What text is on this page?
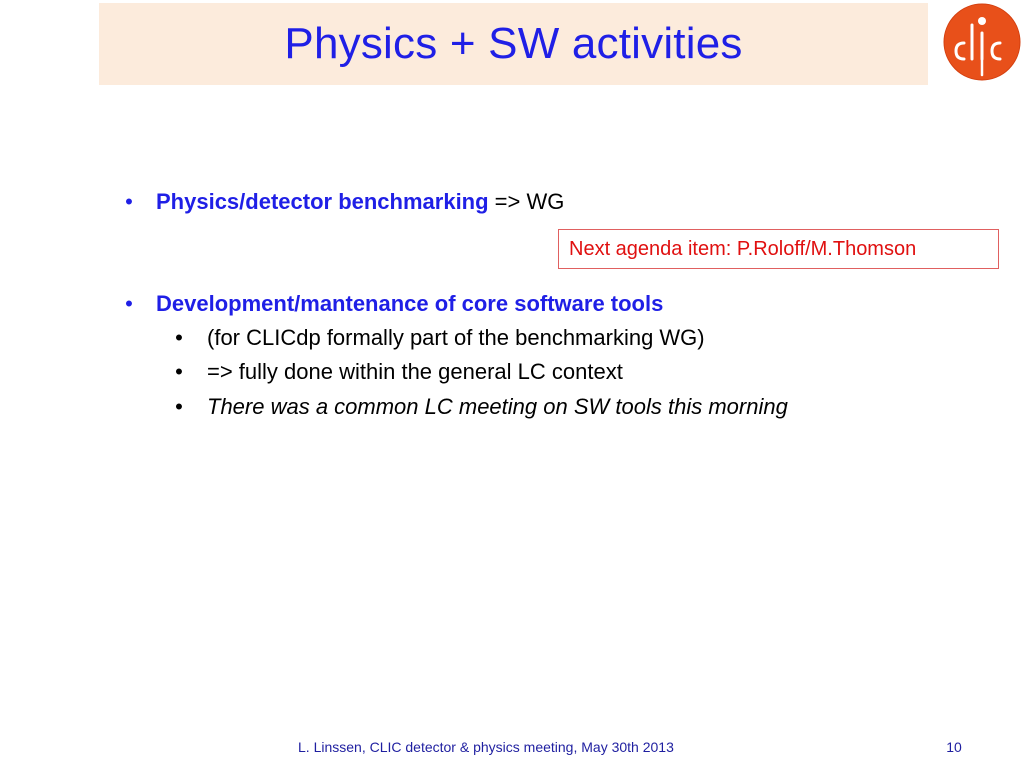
Physics + SW activities
• Physics/detector benchmarking => WG
Next agenda item: P.Roloff/M.Thomson
• Development/mantenance of core software tools
• (for CLICdp formally part of the benchmarking WG)
• => fully done within the general LC context
• There was a common LC meeting on SW tools this morning
L. Linssen, CLIC detector & physics meeting, May 30th 2013	10
